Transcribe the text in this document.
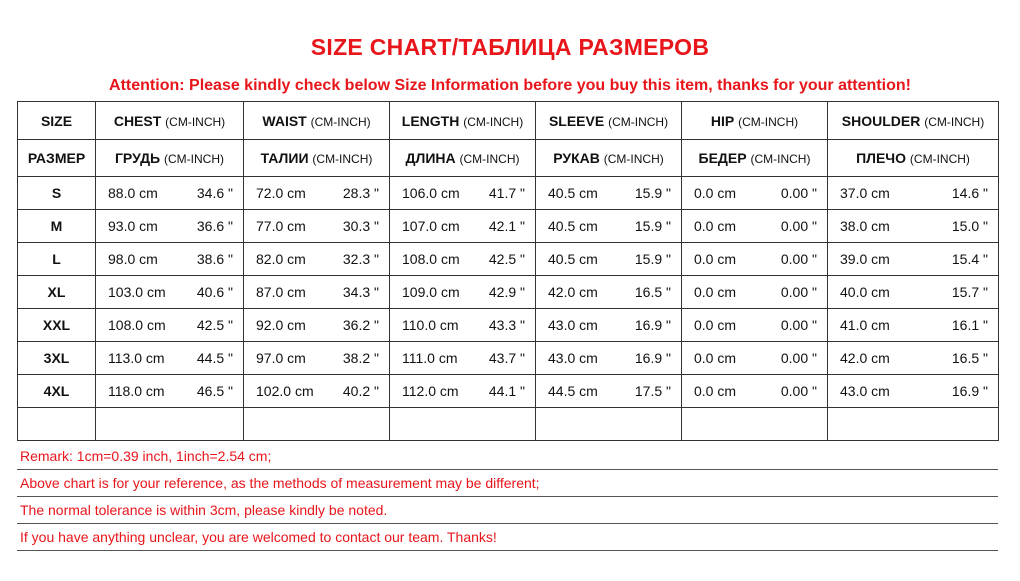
SIZE CHART/ТАБЛИЦА РАЗМЕРОВ
Attention: Please kindly check below Size Information before you buy this item, thanks for your attention!
SIZE	CHEST (CM-INCH)	WAIST (CM-INCH)	LENGTH (CM-INCH)	SLEEVE (CM-INCH)	HIP (CM-INCH)	SHOULDER (CM-INCH)
РАЗМЕР	ГРУДЬ (CM-INCH)	ТАЛИИ (CM-INCH)	ДЛИНА (CM-INCH)	РУКАВ (CM-INCH)	БЕДЕР (CM-INCH)	ПЛЕЧО (CM-INCH)
S	88.0 cm 34.6 "	72.0 cm 28.3 "	106.0 cm 41.7 "	40.5 cm 15.9 "	0.0 cm 0.00 "	37.0 cm 14.6 "

M	93.0 cm 36.6 "	77.0 cm 30.3 "	107.0 cm 42.1 "	40.5 cm 15.9 "	0.0 cm 0.00 "	38.0 cm 15.0 "

L	98.0 cm 38.6 "	82.0 cm 32.3 "	108.0 cm 42.5 "	40.5 cm 15.9 "	0.0 cm 0.00 "	39.0 cm 15.4 "

XL	103.0 cm 40.6 "	87.0 cm 34.3 "	109.0 cm 42.9 "	42.0 cm 16.5 "	0.0 cm 0.00 "	40.0 cm 15.7 "

XXL	108.0 cm 42.5 "	92.0 cm 36.2 "	110.0 cm 43.3 "	43.0 cm 16.9 "	0.0 cm 0.00 "	41.0 cm 16.1 "

3XL	113.0 cm 44.5 "	97.0 cm 38.2 "	111.0 cm 43.7 "	43.0 cm 16.9 "	0.0 cm 0.00 "	42.0 cm 16.5 "

4XL	118.0 cm 46.5 "	102.0 cm 40.2 "	112.0 cm 44.1 "	44.5 cm 17.5 "	0.0 cm 0.00 "	43.0 cm 16.9 "

Remark: 1cm=0.39 inch, 1inch=2.54 cm;
Above chart is for your reference, as the methods of measurement may be different;
The normal tolerance is within 3cm, please kindly be noted.
If you have anything unclear, you are welcomed to contact our team. Thanks!
